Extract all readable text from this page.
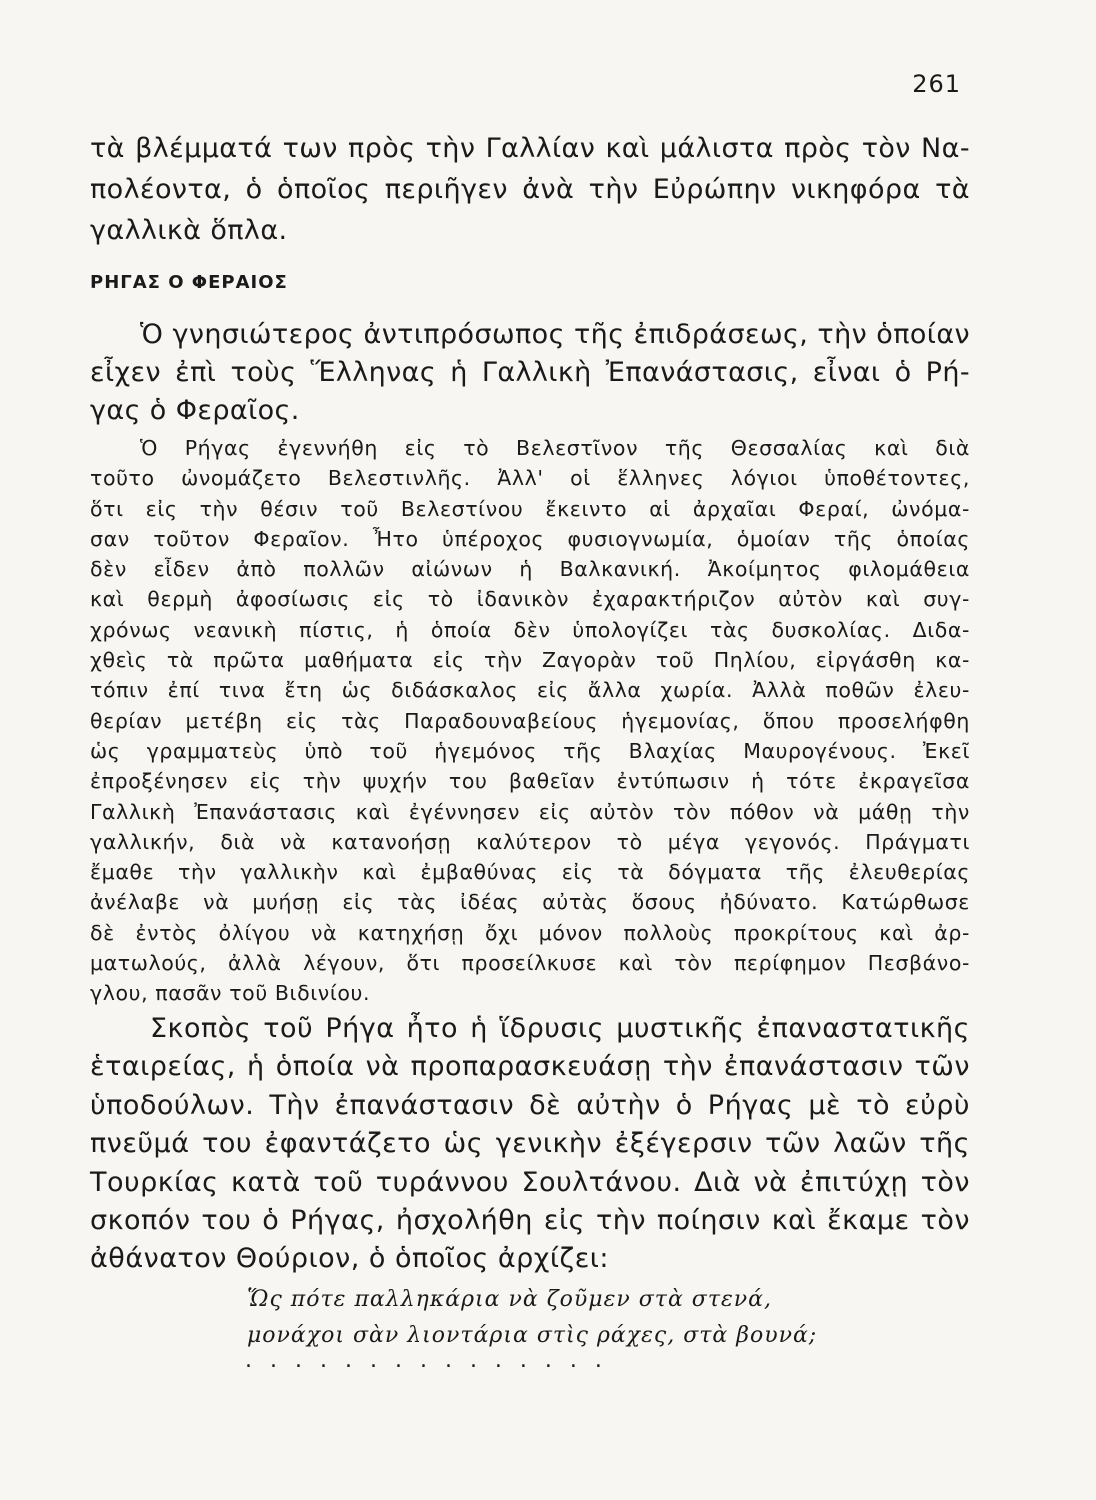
261
τὰ βλέμματά των πρὸς τὴν Γαλλίαν καὶ μάλιστα πρὸς τὸν Να-
πολέοντα, ὁ ὁποῖος περιῆγεν ἀνὰ τὴν Εὐρώπην νικηφόρα τὰ
γαλλικὰ ὅπλα.
ΡΗΓΑΣ Ο ΦΕΡΑΙΟΣ
Ὁ γνησιώτερος ἀντιπρόσωπος τῆς ἐπιδράσεως, τὴν ὁποίαν
εἶχεν ἐπὶ τοὺς Ἕλληνας ἡ Γαλλικὴ Ἐπανάστασις, εἶναι ὁ Ρή-
γας ὁ Φεραῖος.
Ὁ Ρήγας ἐγεννήθη εἰς τὸ Βελεστῖνον τῆς Θεσσαλίας καὶ διὰ
τοῦτο ὠνομάζετο Βελεστινλῆς. Ἀλλ' οἱ ἕλληνες λόγιοι ὑποθέτοντες,
ὅτι εἰς τὴν θέσιν τοῦ Βελεστίνου ἔκειντο αἱ ἀρχαῖαι Φεραί, ὠνόμα-
σαν τοῦτον Φεραῖον. Ἦτο ὑπέροχος φυσιογνωμία, ὁμοίαν τῆς ὁποίας
δὲν εἶδεν ἀπὸ πολλῶν αἰώνων ἡ Βαλκανική. Ἀκοίμητος φιλομάθεια
καὶ θερμὴ ἀφοσίωσις εἰς τὸ ἰδανικὸν ἐχαρακτήριζον αὐτὸν καὶ συγ-
χρόνως νεανικὴ πίστις, ἡ ὁποία δὲν ὑπολογίζει τὰς δυσκολίας. Διδα-
χθεὶς τὰ πρῶτα μαθήματα εἰς τὴν Ζαγορὰν τοῦ Πηλίου, εἰργάσθη κα-
τόπιν ἐπί τινα ἔτη ὡς διδάσκαλος εἰς ἄλλα χωρία. Ἀλλὰ ποθῶν ἐλευ-
θερίαν μετέβη εἰς τὰς Παραδουναβείους ἡγεμονίας, ὅπου προσελήφθη
ὡς γραμματεὺς ὑπὸ τοῦ ἡγεμόνος τῆς Βλαχίας Μαυρογένους. Ἐκεῖ
ἐπροξένησεν εἰς τὴν ψυχήν του βαθεῖαν ἐντύπωσιν ἡ τότε ἐκραγεῖσα
Γαλλικὴ Ἐπανάστασις καὶ ἐγέννησεν εἰς αὐτὸν τὸν πόθον νὰ μάθῃ τὴν
γαλλικήν, διὰ νὰ κατανοήσῃ καλύτερον τὸ μέγα γεγονός. Πράγματι
ἔμαθε τὴν γαλλικὴν καὶ ἐμβαθύνας εἰς τὰ δόγματα τῆς ἐλευθερίας
ἀνέλαβε νὰ μυήσῃ εἰς τὰς ἰδέας αὐτὰς ὅσους ἠδύνατο. Κατώρθωσε
δὲ ἐντὸς ὀλίγου νὰ κατηχήσῃ ὄχι μόνον πολλοὺς προκρίτους καὶ ἀρ-
ματωλούς, ἀλλὰ λέγουν, ὅτι προσείλκυσε καὶ τὸν περίφημον Πεσβάνο-
γλου, πασᾶν τοῦ Βιδινίου.
Σκοπὸς τοῦ Ρήγα ἦτο ἡ ἵδρυσις μυστικῆς ἐπαναστατικῆς
ἑταιρείας, ἡ ὁποία νὰ προπαρασκευάσῃ τὴν ἐπανάστασιν τῶν
ὑποδούλων. Τὴν ἐπανάστασιν δὲ αὐτὴν ὁ Ρήγας μὲ τὸ εὐρὺ
πνεῦμά του ἐφαντάζετο ὡς γενικὴν ἐξέγερσιν τῶν λαῶν τῆς
Τουρκίας κατὰ τοῦ τυράννου Σουλτάνου. Διὰ νὰ ἐπιτύχῃ τὸν
σκοπόν του ὁ Ρήγας, ἠσχολήθη εἰς τὴν ποίησιν καὶ ἔκαμε τὸν
ἀθάνατον Θούριον, ὁ ὁποῖος ἀρχίζει:
Ὥς πότε παλληκάρια νὰ ζοῦμεν στὰ στενά,
μονάχοι σὰν λιοντάρια στὶς ράχες, στὰ βουνά;
...............
